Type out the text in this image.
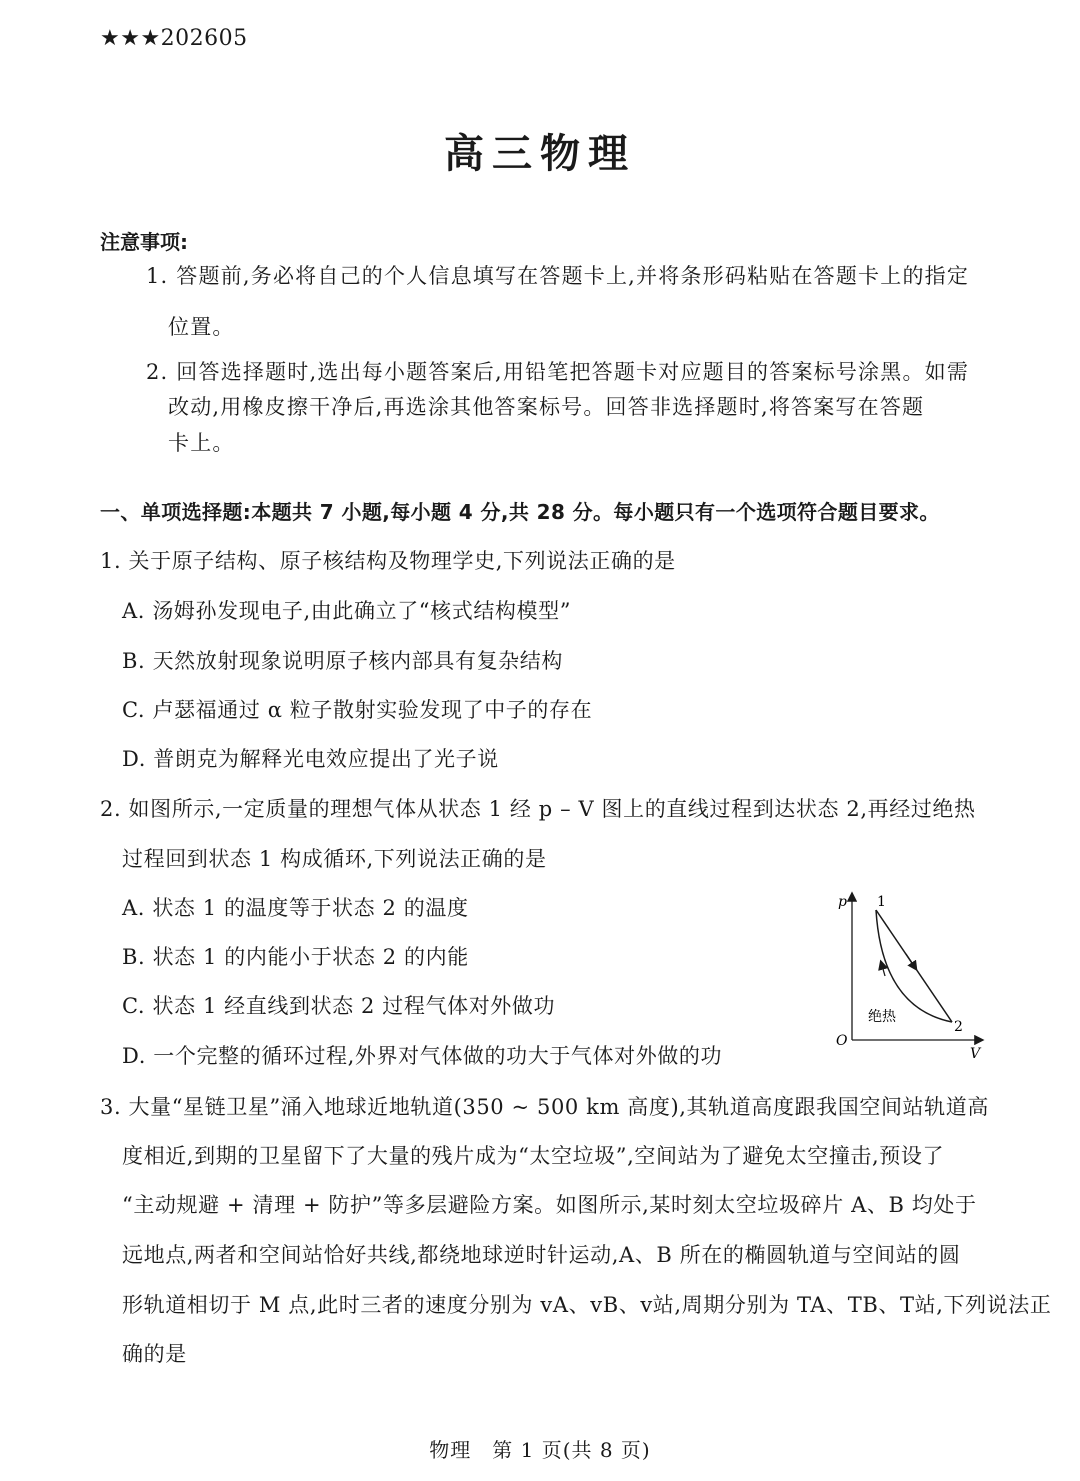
★★★202605
高三物理
注意事项:
1. 答题前,务必将自己的个人信息填写在答题卡上,并将条形码粘贴在答题卡上的指定
位置。
2. 回答选择题时,选出每小题答案后,用铅笔把答题卡对应题目的答案标号涂黑。如需
改动,用橡皮擦干净后,再选涂其他答案标号。回答非选择题时,将答案写在答题
卡上。
一、单项选择题:本题共 7 小题,每小题 4 分,共 28 分。每小题只有一个选项符合题目要求。
1. 关于原子结构、原子核结构及物理学史,下列说法正确的是
A. 汤姆孙发现电子,由此确立了“核式结构模型”
B. 天然放射现象说明原子核内部具有复杂结构
C. 卢瑟福通过 α 粒子散射实验发现了中子的存在
D. 普朗克为解释光电效应提出了光子说
2. 如图所示,一定质量的理想气体从状态 1 经 p – V 图上的直线过程到达状态 2,再经过绝热
过程回到状态 1 构成循环,下列说法正确的是
A. 状态 1 的温度等于状态 2 的温度
B. 状态 1 的内能小于状态 2 的内能
C. 状态 1 经直线到状态 2 过程气体对外做功
D. 一个完整的循环过程,外界对气体做的功大于气体对外做的功
p
V
O
1
2
绝热
3. 大量“星链卫星”涌入地球近地轨道(350 ~ 500 km 高度),其轨道高度跟我国空间站轨道高
度相近,到期的卫星留下了大量的残片成为“太空垃圾”,空间站为了避免太空撞击,预设了
“主动规避 + 清理 + 防护”等多层避险方案。如图所示,某时刻太空垃圾碎片 A、B 均处于
远地点,两者和空间站恰好共线,都绕地球逆时针运动,A、B 所在的椭圆轨道与空间站的圆
形轨道相切于 M 点,此时三者的速度分别为 vA、vB、v站,周期分别为 TA、TB、T站,下列说法正
确的是
物理　第 1 页(共 8 页)
